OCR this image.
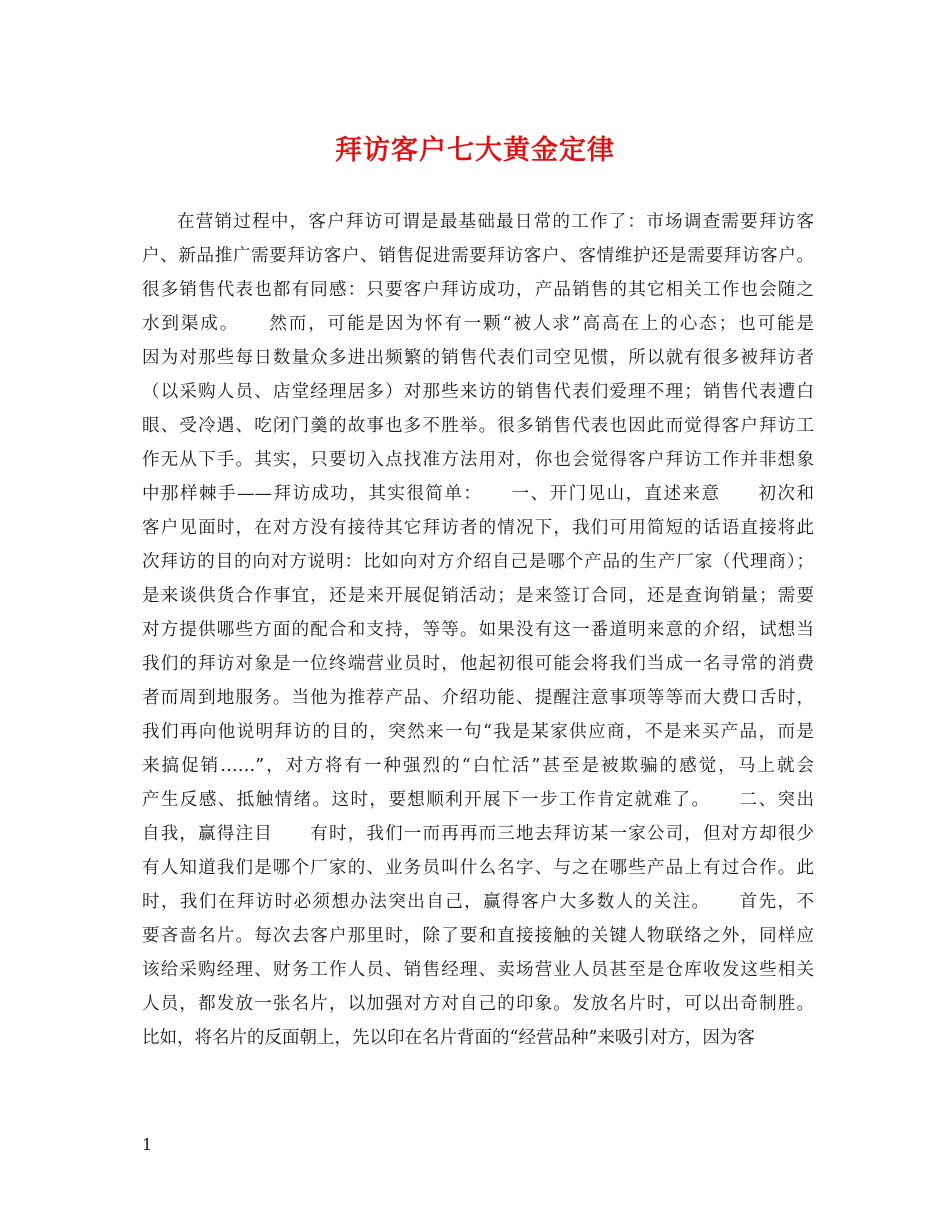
拜访客户七大黄金定律
在营销过程中，客户拜访可谓是最基础最日常的工作了：市场调查需要拜访客
户、新品推广需要拜访客户、销售促进需要拜访客户、客情维护还是需要拜访客户。
很多销售代表也都有同感：只要客户拜访成功，产品销售的其它相关工作也会随之
水到渠成。　　然而，可能是因为怀有一颗“被人求”高高在上的心态；也可能是
因为对那些每日数量众多进出频繁的销售代表们司空见惯，所以就有很多被拜访者
（以采购人员、店堂经理居多）对那些来访的销售代表们爱理不理；销售代表遭白
眼、受冷遇、吃闭门羹的故事也多不胜举。很多销售代表也因此而觉得客户拜访工
作无从下手。其实，只要切入点找准方法用对，你也会觉得客户拜访工作并非想象
中那样棘手——拜访成功，其实很简单：　　一、开门见山，直述来意　　初次和
客户见面时，在对方没有接待其它拜访者的情况下，我们可用简短的话语直接将此
次拜访的目的向对方说明：比如向对方介绍自己是哪个产品的生产厂家（代理商）；
是来谈供货合作事宜，还是来开展促销活动；是来签订合同，还是查询销量；需要
对方提供哪些方面的配合和支持，等等。如果没有这一番道明来意的介绍，试想当
我们的拜访对象是一位终端营业员时，他起初很可能会将我们当成一名寻常的消费
者而周到地服务。当他为推荐产品、介绍功能、提醒注意事项等等而大费口舌时，
我们再向他说明拜访的目的，突然来一句“我是某家供应商，不是来买产品，而是
来搞促销……”，对方将有一种强烈的“白忙活”甚至是被欺骗的感觉，马上就会
产生反感、抵触情绪。这时，要想顺利开展下一步工作肯定就难了。　　二、突出
自我，赢得注目　　有时，我们一而再再而三地去拜访某一家公司，但对方却很少
有人知道我们是哪个厂家的、业务员叫什么名字、与之在哪些产品上有过合作。此
时，我们在拜访时必须想办法突出自己，赢得客户大多数人的关注。　　首先，不
要吝啬名片。每次去客户那里时，除了要和直接接触的关键人物联络之外，同样应
该给采购经理、财务工作人员、销售经理、卖场营业人员甚至是仓库收发这些相关
人员，都发放一张名片，以加强对方对自己的印象。发放名片时，可以出奇制胜。
比如，将名片的反面朝上，先以印在名片背面的“经营品种”来吸引对方，因为客
1
